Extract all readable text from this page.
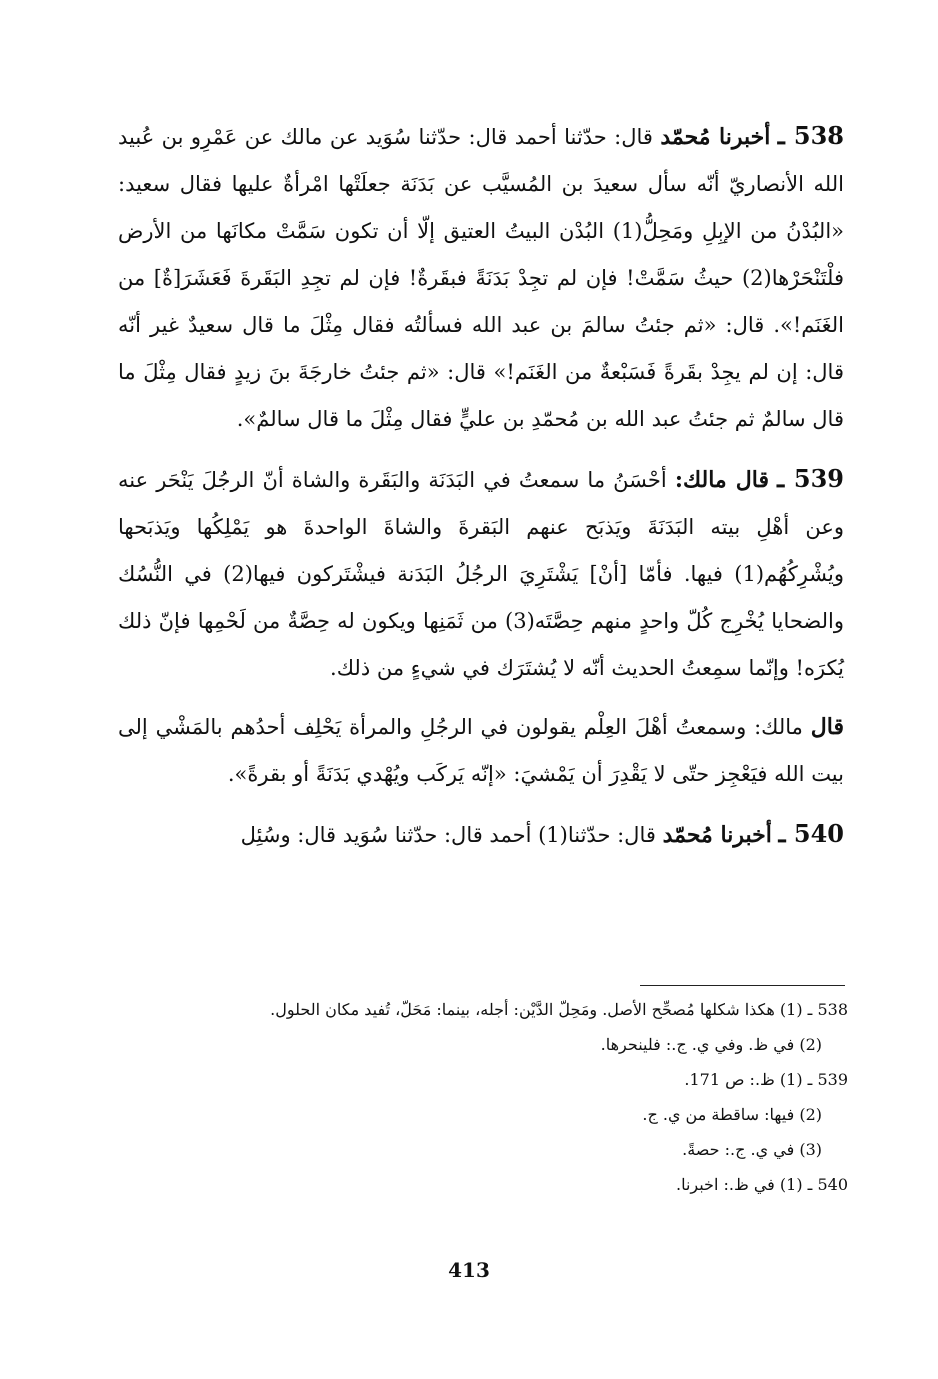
538 ـ أخبرنا مُحمّد قال: حدّثنا أحمد قال: حدّثنا سُوَيد عن مالك عن عَمْرِو بن عُبيد الله الأنصاريّ أنّه سأل سعيدَ بن المُسيَّب عن بَدَنَة جعلَتْها امْرأةٌ عليها فقال سعيد: «البُدْنُ من الإبِلِ ومَحِلُّ(1) البُدْن البيتُ العتيق إلّا أن تكون سَمَّتْ مكانَها من الأرض فلْتَنْحَرْها(2) حيثُ سَمَّتْ! فإن لم تجِدْ بَدَنَةً فبقَرةٌ! فإن لم تجِدِ البَقَرةَ فَعَشَرَ[ةٌ] من الغَنَم!». قال: «ثم جئتُ سالمَ بن عبد الله فسألتُه فقال مِثْلَ ما قال سعيدٌ غير أنّه قال: إن لم يجِدْ بقَرةً فَسَبْعةٌ من الغَنَم!» قال: «ثم جئتُ خارجَةَ بنَ زيدٍ فقال مِثْلَ ما قال سالمٌ ثم جئتُ عبد الله بن مُحمّدِ بن عليٍّ فقال مِثْلَ ما قال سالمٌ».

539 ـ قال مالك: أحْسَنُ ما سمعتُ في البَدَنَة والبَقَرة والشاة أنّ الرجُلَ يَنْحَر عنه وعن أهْلِ بيته البَدَنَةَ ويَذبَح عنهم البَقرةَ والشاةَ الواحدةَ هو يَمْلِكُها ويَذبَحها ويُشْرِكُهُم(1) فيها. فأمّا [أنْ] يَشْتَرِيَ الرجُلُ البَدَنة فيشْتَركون فيها(2) في النُّسُك والضحايا يُخْرِج كُلّ واحدٍ منهم حِصَّتَه(3) من ثَمَنِها ويكون له حِصَّةٌ من لَحْمِها فإنّ ذلك يُكرَه! وإنّما سمِعتُ الحديث أنّه لا يُشتَرَك في شيءٍ من ذلك.

قال مالك: وسمعتُ أهْلَ العِلْم يقولون في الرجُلِ والمرأة يَحْلِف أحدُهم بالمَشْي إلى بيت الله فيَعْجِز حتّى لا يَقْدِرَ أن يَمْشيَ: «إنّه يَركَب ويُهْدي بَدَنَةً أو بقرةً».

540 ـ أخبرنا مُحمّد قال: حدّثنا(1) أحمد قال: حدّثنا سُوَيد قال: وسُئِل

538 ـ (1) هكذا شكلها مُصحِّح الأصل. ومَحِلّ الدَّيْن: أجله، بينما: مَحَلّ، تُفيد مكان الحلول.

(2) في ظ. وفي ي. ج.: فلينحرها.

539 ـ (1) ظ.: ص 171.

(2) فيها: ساقطة من ي. ج.

(3) في ي. ج.: حصةً.

540 ـ (1) في ظ.: اخبرنا.

413
